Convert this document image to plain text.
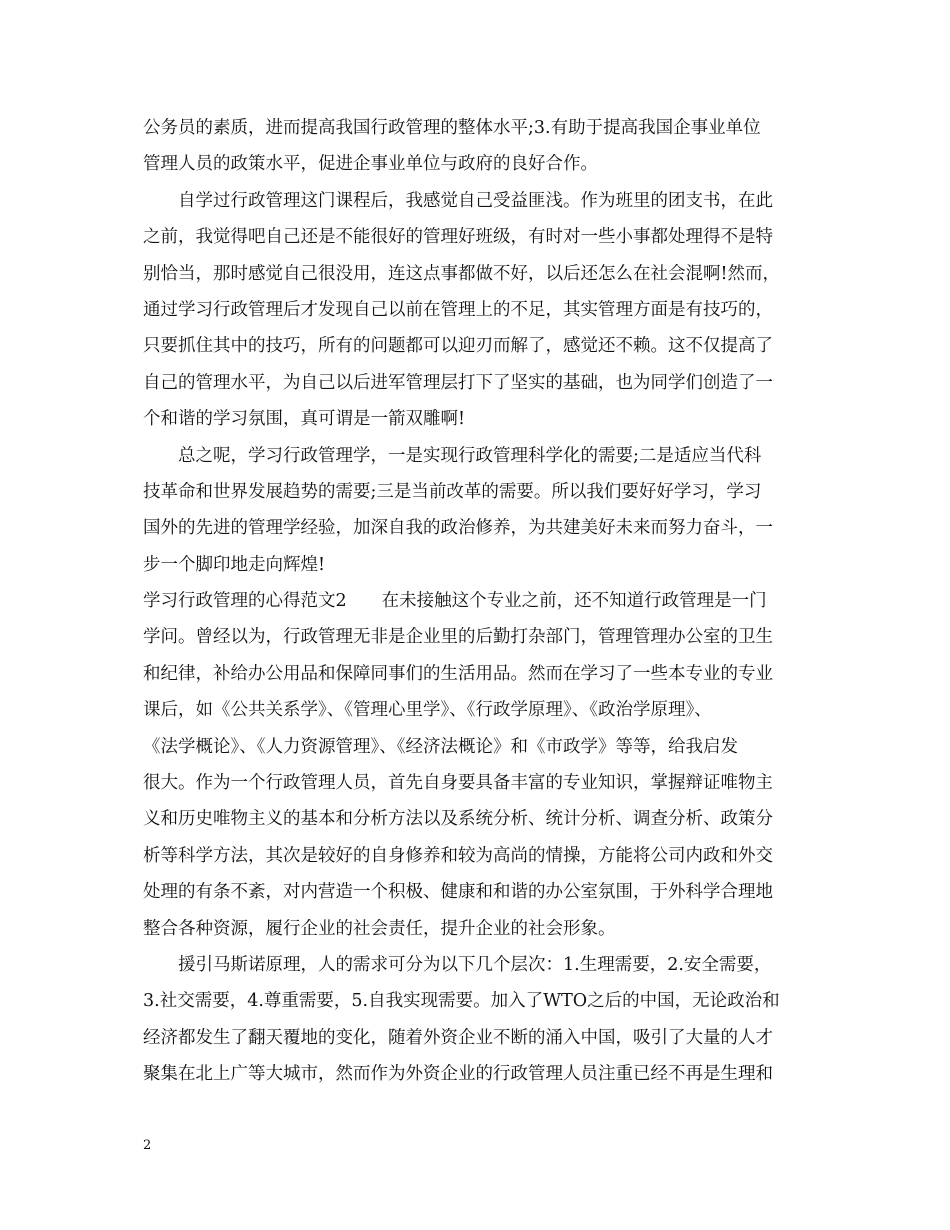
公务员的素质，进而提高我国行政管理的整体水平;3.有助于提高我国企事业单位
管理人员的政策水平，促进企事业单位与政府的良好合作。
自学过行政管理这门课程后，我感觉自己受益匪浅。作为班里的团支书，在此
之前，我觉得吧自己还是不能很好的管理好班级，有时对一些小事都处理得不是特
别恰当，那时感觉自己很没用，连这点事都做不好，以后还怎么在社会混啊!然而，
通过学习行政管理后才发现自己以前在管理上的不足，其实管理方面是有技巧的，
只要抓住其中的技巧，所有的问题都可以迎刃而解了，感觉还不赖。这不仅提高了
自己的管理水平，为自己以后进军管理层打下了坚实的基础，也为同学们创造了一
个和谐的学习氛围，真可谓是一箭双雕啊!
总之呢，学习行政管理学，一是实现行政管理科学化的需要;二是适应当代科
技革命和世界发展趋势的需要;三是当前改革的需要。所以我们要好好学习，学习
国外的先进的管理学经验，加深自我的政治修养，为共建美好未来而努力奋斗，一
步一个脚印地走向辉煌!
学习行政管理的心得范文2　　在未接触这个专业之前，还不知道行政管理是一门
学问。曾经以为，行政管理无非是企业里的后勤打杂部门，管理管理办公室的卫生
和纪律，补给办公用品和保障同事们的生活用品。然而在学习了一些本专业的专业
课后，如《公共关系学》、《管理心里学》、《行政学原理》、《政治学原理》、
《法学概论》、《人力资源管理》、《经济法概论》和《市政学》等等，给我启发
很大。作为一个行政管理人员，首先自身要具备丰富的专业知识，掌握辩证唯物主
义和历史唯物主义的基本和分析方法以及系统分析、统计分析、调查分析、政策分
析等科学方法，其次是较好的自身修养和较为高尚的情操，方能将公司内政和外交
处理的有条不紊，对内营造一个积极、健康和和谐的办公室氛围，于外科学合理地
整合各种资源，履行企业的社会责任，提升企业的社会形象。
援引马斯诺原理，人的需求可分为以下几个层次：1.生理需要，2.安全需要，
3.社交需要，4.尊重需要，5.自我实现需要。加入了WTO之后的中国，无论政治和
经济都发生了翻天覆地的变化，随着外资企业不断的涌入中国，吸引了大量的人才
聚集在北上广等大城市，然而作为外资企业的行政管理人员注重已经不再是生理和
2
